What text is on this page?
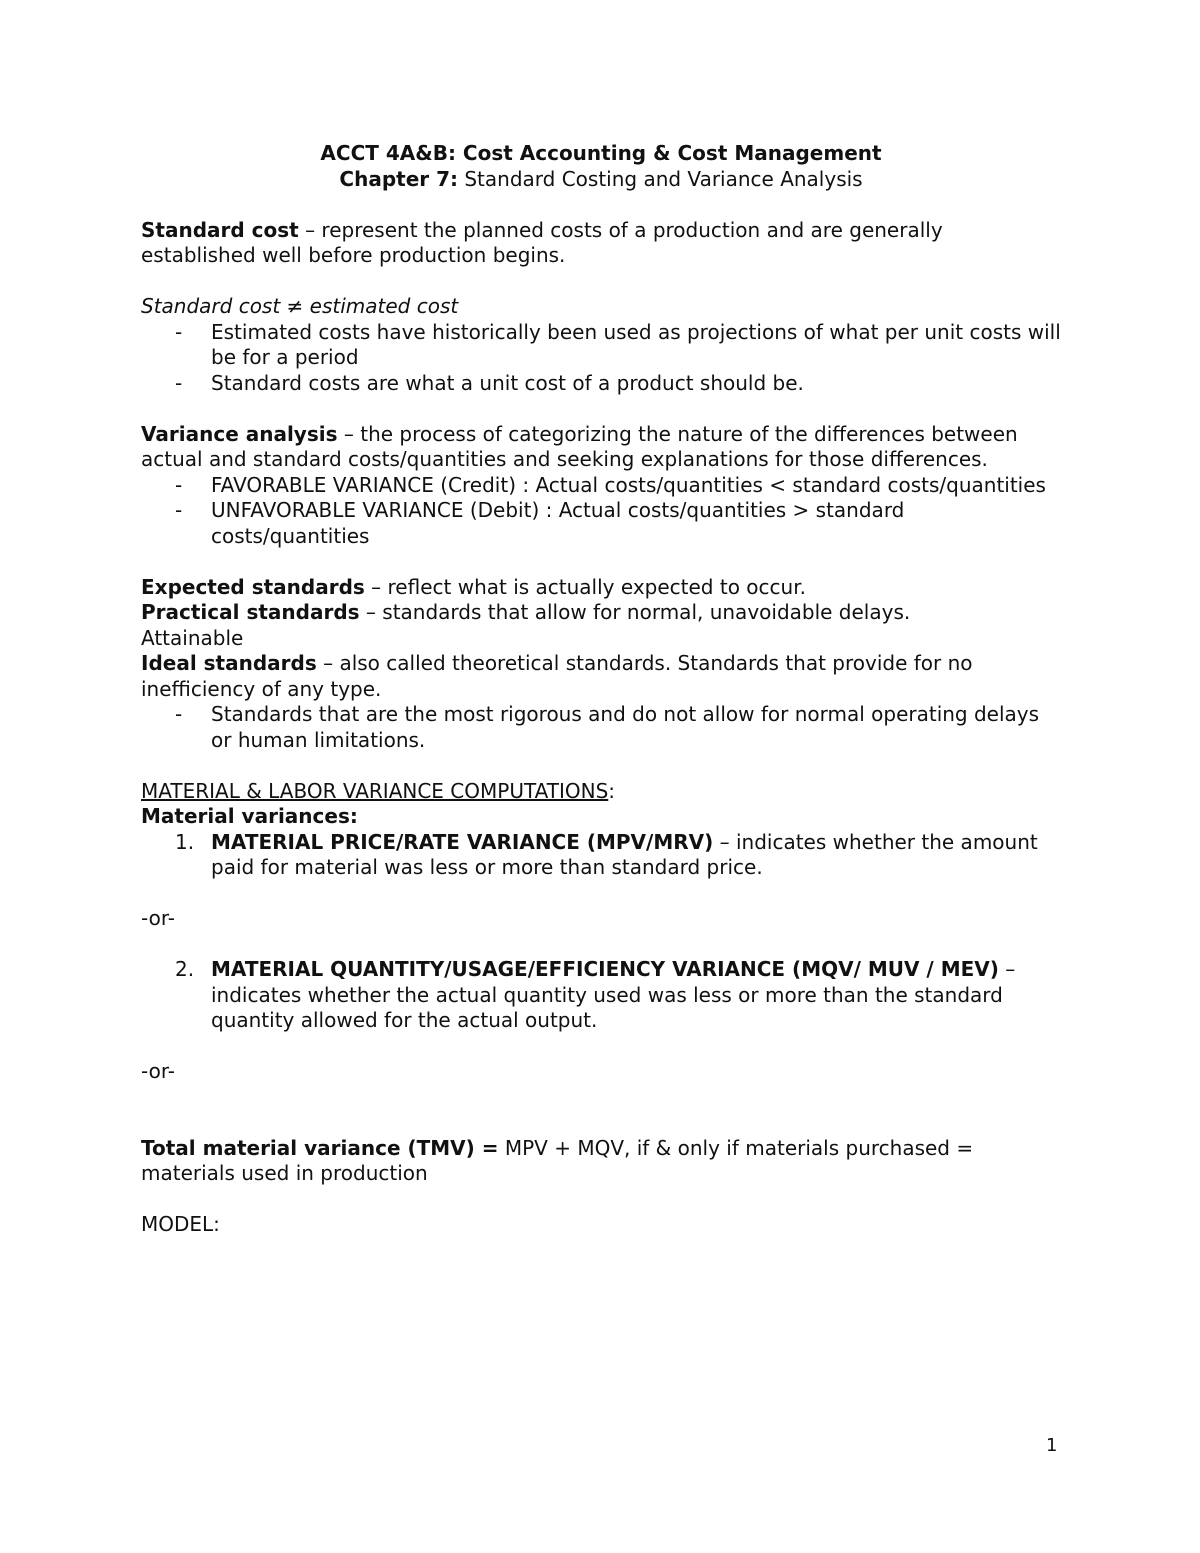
ACCT 4A&B: Cost Accounting & Cost Management
Chapter 7: Standard Costing and Variance Analysis
Standard cost – represent the planned costs of a production and are generally established well before production begins.
Standard cost ≠ estimated cost
- Estimated costs have historically been used as projections of what per unit costs will be for a period
- Standard costs are what a unit cost of a product should be.
Variance analysis – the process of categorizing the nature of the differences between actual and standard costs/quantities and seeking explanations for those differences.
- FAVORABLE VARIANCE (Credit) : Actual costs/quantities < standard costs/quantities
- UNFAVORABLE VARIANCE (Debit) : Actual costs/quantities > standard costs/quantities
Expected standards – reflect what is actually expected to occur.
Practical standards – standards that allow for normal, unavoidable delays. Attainable
Ideal standards – also called theoretical standards. Standards that provide for no inefficiency of any type.
- Standards that are the most rigorous and do not allow for normal operating delays or human limitations.
MATERIAL & LABOR VARIANCE COMPUTATIONS:
Material variances:
1. MATERIAL PRICE/RATE VARIANCE (MPV/MRV) – indicates whether the amount paid for material was less or more than standard price.
-or-
2. MATERIAL QUANTITY/USAGE/EFFICIENCY VARIANCE (MQV/ MUV / MEV) – indicates whether the actual quantity used was less or more than the standard quantity allowed for the actual output.
-or-
Total material variance (TMV) = MPV + MQV, if & only if materials purchased = materials used in production
MODEL:
1
